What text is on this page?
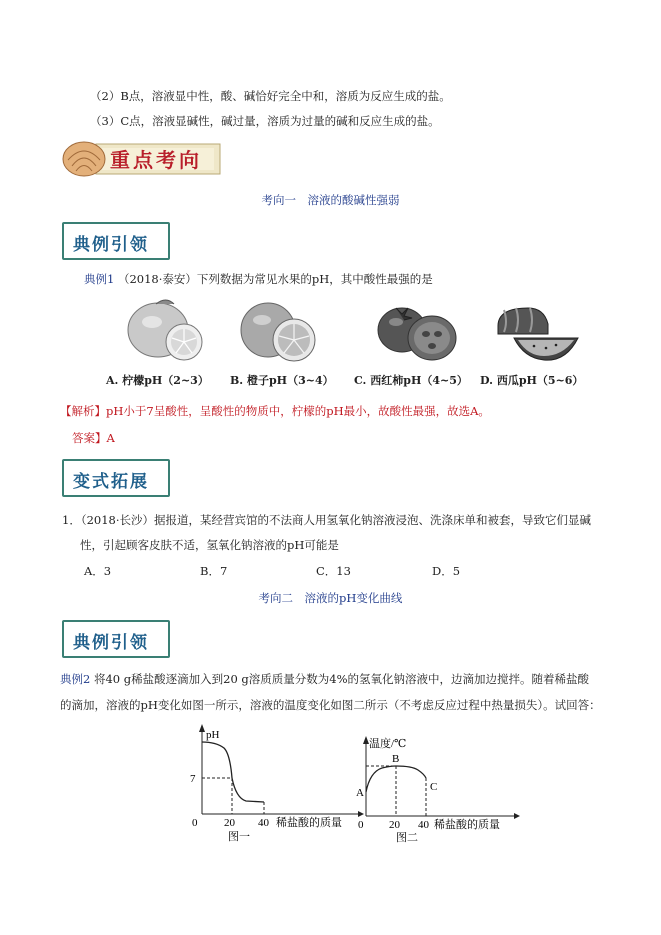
（2）B点，溶液显中性，酸、碱恰好完全中和，溶质为反应生成的盐。
（3）C点，溶液显碱性，碱过量，溶质为过量的碱和反应生成的盐。
重点考向
考向一　溶液的酸碱性强弱
典例引领
典例1 （2018·泰安）下列数据为常见水果的pH，其中酸性最强的是
A. 柠檬pH（2~3） B. 橙子pH（3~4） C. 西红柿pH（4~5） D. 西瓜pH（5~6）
【解析】pH小于7呈酸性，呈酸性的物质中，柠檬的pH最小，故酸性最强，故选A。
答案】A
变式拓展
1．（2018·长沙）据报道，某经营宾馆的不法商人用氢氧化钠溶液浸泡、洗涤床单和被套，导致它们显碱
性，引起顾客皮肤不适，氢氧化钠溶液的pH可能是
A．3	B．7	C．13	D．5
考向二　溶液的pH变化曲线
典例引领
典例2 将40 g稀盐酸逐滴加入到20 g溶质质量分数为4%的氢氧化钠溶液中，边滴加边搅拌。随着稀盐酸
的滴加，溶液的pH变化如图一所示，溶液的温度变化如图二所示（不考虑反应过程中热量损失）。试回答：
pH
7
0 20 40 稀盐酸的质量
图一
温度/℃
A
B
C
0 20 40 稀盐酸的质量
图二
